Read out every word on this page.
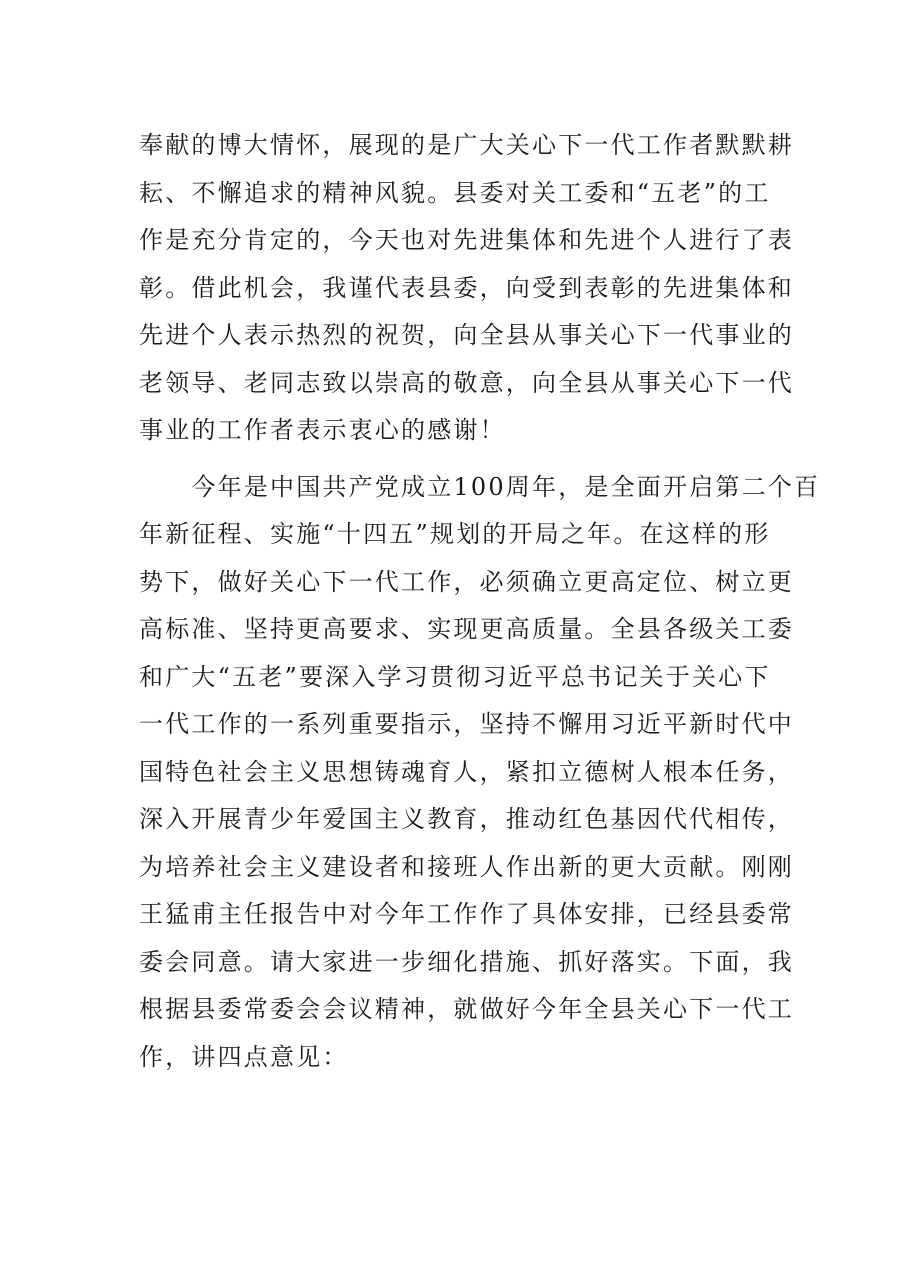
奉献的博大情怀，展现的是广大关心下一代工作者默默耕
耘、不懈追求的精神风貌。县委对关工委和“五老”的工
作是充分肯定的，今天也对先进集体和先进个人进行了表
彰。借此机会，我谨代表县委，向受到表彰的先进集体和
先进个人表示热烈的祝贺，向全县从事关心下一代事业的
老领导、老同志致以崇高的敬意，向全县从事关心下一代
事业的工作者表示衷心的感谢！

　　今年是中国共产党成立100周年，是全面开启第二个百
年新征程、实施“十四五”规划的开局之年。在这样的形
势下，做好关心下一代工作，必须确立更高定位、树立更
高标准、坚持更高要求、实现更高质量。全县各级关工委
和广大“五老”要深入学习贯彻习近平总书记关于关心下
一代工作的一系列重要指示，坚持不懈用习近平新时代中
国特色社会主义思想铸魂育人，紧扣立德树人根本任务，
深入开展青少年爱国主义教育，推动红色基因代代相传，
为培养社会主义建设者和接班人作出新的更大贡献。刚刚
王猛甫主任报告中对今年工作作了具体安排，已经县委常
委会同意。请大家进一步细化措施、抓好落实。下面，我
根据县委常委会会议精神，就做好今年全县关心下一代工
作，讲四点意见：
